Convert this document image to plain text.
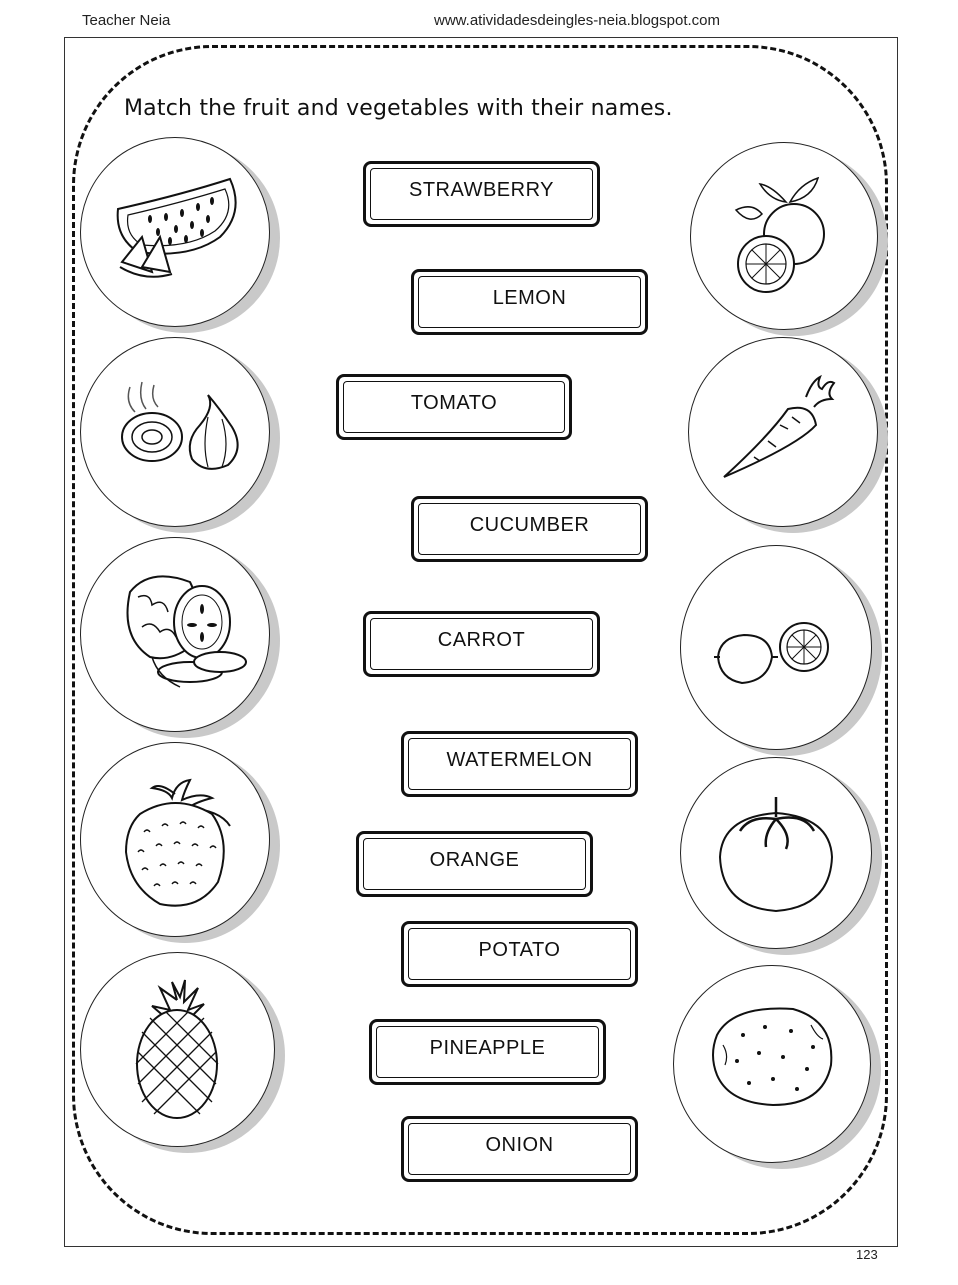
Teacher Neia	www.atividadesdeingles-neia.blogspot.com
Match the fruit and vegetables with their names.
STRAWBERRY
LEMON
TOMATO
CUCUMBER
CARROT
WATERMELON
ORANGE
POTATO
PINEAPPLE
ONION
123
